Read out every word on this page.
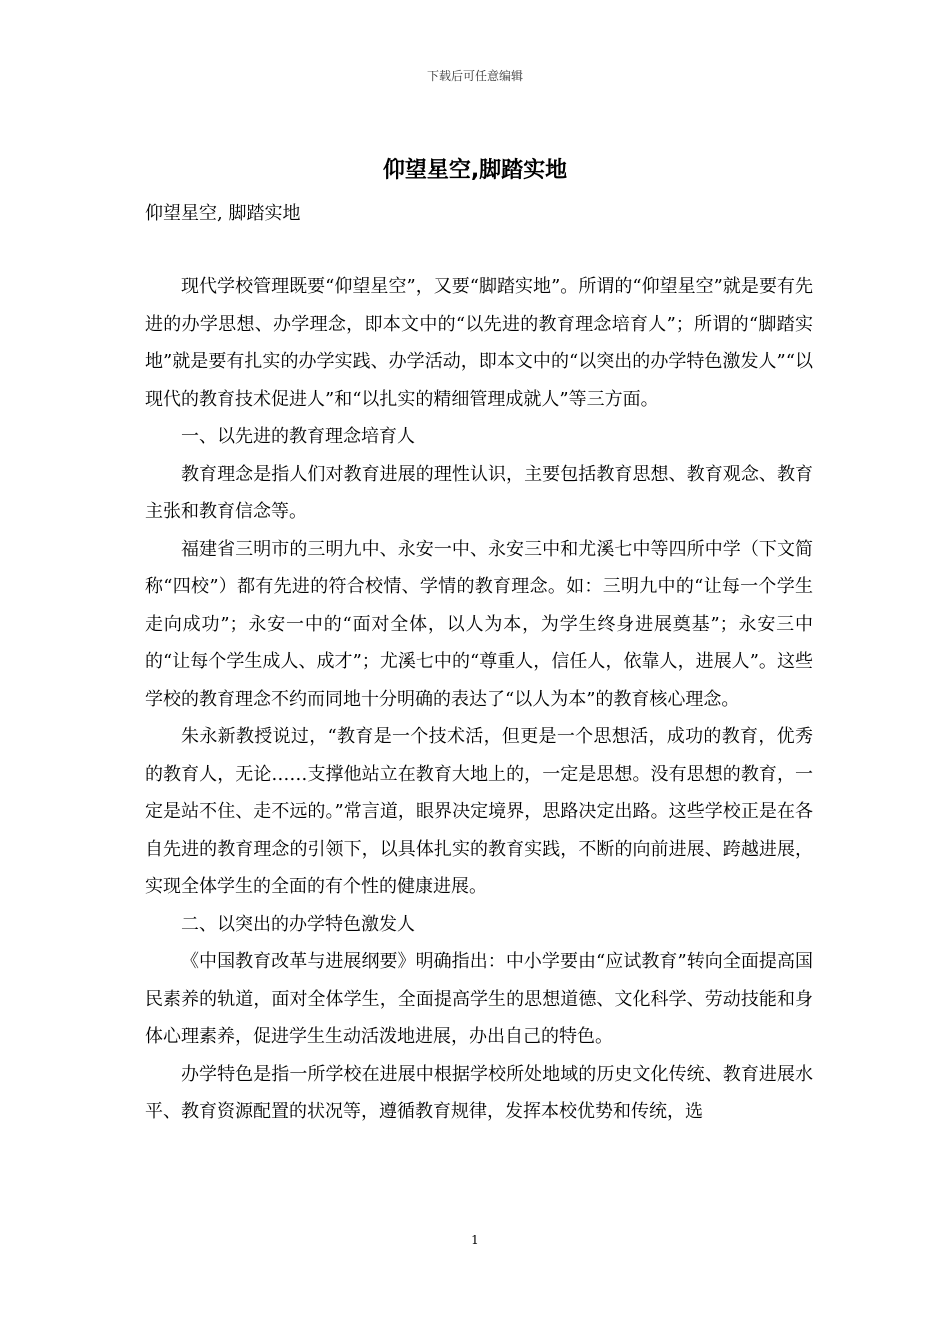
下载后可任意编辑
仰望星空,脚踏实地
仰望星空, 脚踏实地

现代学校管理既要“仰望星空”，又要“脚踏实地”。所谓的“仰望星空”就是要有先进的办学思想、办学理念，即本文中的“以先进的教育理念培育人”；所谓的“脚踏实地”就是要有扎实的办学实践、办学活动，即本文中的“以突出的办学特色激发人”“以现代的教育技术促进人”和“以扎实的精细管理成就人”等三方面。

一、以先进的教育理念培育人

教育理念是指人们对教育进展的理性认识，主要包括教育思想、教育观念、教育主张和教育信念等。

福建省三明市的三明九中、永安一中、永安三中和尤溪七中等四所中学（下文简称“四校”）都有先进的符合校情、学情的教育理念。如：三明九中的“让每一个学生走向成功”；永安一中的“面对全体，以人为本，为学生终身进展奠基”；永安三中的“让每个学生成人、成才”；尤溪七中的“尊重人，信任人，依靠人，进展人”。这些学校的教育理念不约而同地十分明确的表达了“以人为本”的教育核心理念。

朱永新教授说过，“教育是一个技术活，但更是一个思想活，成功的教育，优秀的教育人，无论……支撑他站立在教育大地上的，一定是思想。没有思想的教育，一定是站不住、走不远的。”常言道，眼界决定境界，思路决定出路。这些学校正是在各自先进的教育理念的引领下，以具体扎实的教育实践，不断的向前进展、跨越进展，实现全体学生的全面的有个性的健康进展。

二、以突出的办学特色激发人

《中国教育改革与进展纲要》明确指出：中小学要由“应试教育”转向全面提高国民素养的轨道，面对全体学生，全面提高学生的思想道德、文化科学、劳动技能和身体心理素养，促进学生生动活泼地进展，办出自己的特色。

办学特色是指一所学校在进展中根据学校所处地域的历史文化传统、教育进展水平、教育资源配置的状况等，遵循教育规律，发挥本校优势和传统，选

1
